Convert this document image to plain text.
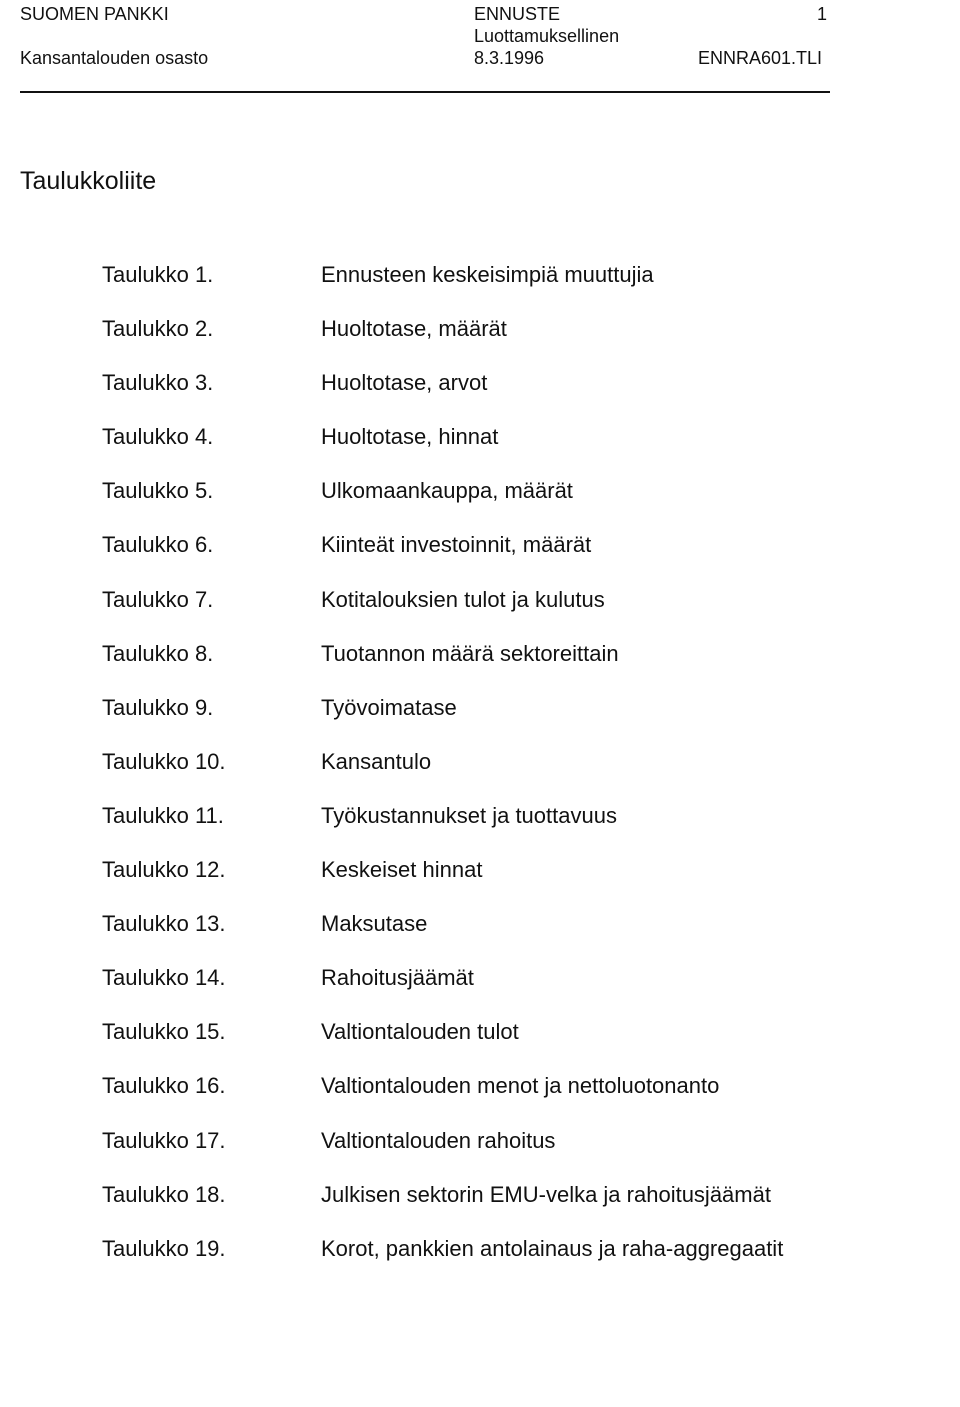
SUOMEN PANKKI
Kansantalouden osasto
ENNUSTE
Luottamuksellinen
8.3.1996
1
ENNRA601.TLI
Taulukkoliite
Taulukko 1.	Ennusteen keskeisimpiä muuttujia
Taulukko 2.	Huoltotase, määrät
Taulukko 3.	Huoltotase, arvot
Taulukko 4.	Huoltotase, hinnat
Taulukko 5.	Ulkomaankauppa, määrät
Taulukko 6.	Kiinteät investoinnit, määrät
Taulukko 7.	Kotitalouksien tulot ja kulutus
Taulukko 8.	Tuotannon määrä sektoreittain
Taulukko 9.	Työvoimatase
Taulukko 10.	Kansantulo
Taulukko 11.	Työkustannukset ja tuottavuus
Taulukko 12.	Keskeiset hinnat
Taulukko 13.	Maksutase
Taulukko 14.	Rahoitusjäämät
Taulukko 15.	Valtiontalouden tulot
Taulukko 16.	Valtiontalouden menot ja nettoluotonanto
Taulukko 17.	Valtiontalouden rahoitus
Taulukko 18.	Julkisen sektorin EMU-velka ja rahoitusjäämät
Taulukko 19.	Korot, pankkien antolainaus ja raha-aggregaatit
